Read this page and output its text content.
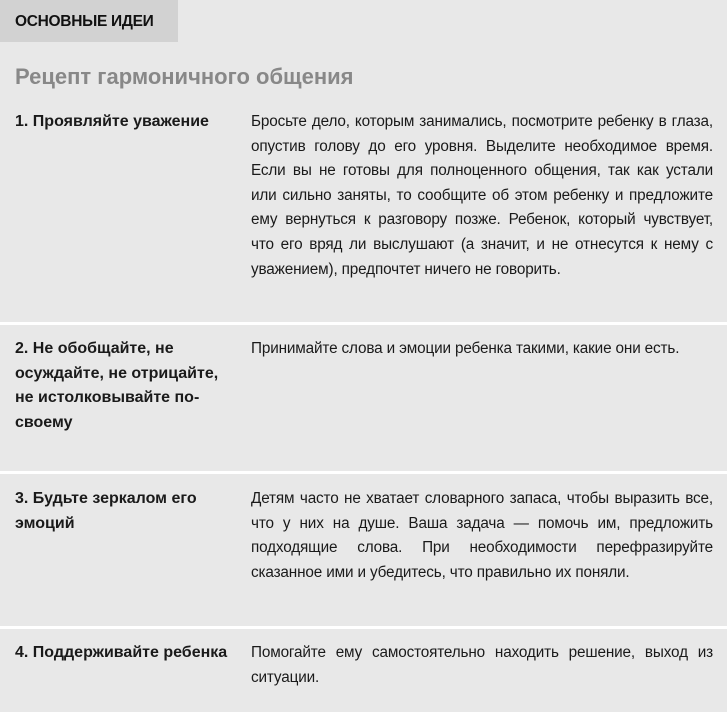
ОСНОВНЫЕ ИДЕИ
Рецепт гармоничного общения

1. Проявляйте уважение	Бросьте дело, которым занимались, посмотрите ребенку в глаза, опустив голову до его уровня. Выделите необходимое время. Если вы не готовы для полноценного общения, так как устали или сильно заняты, то сообщите об этом ребенку и предложите ему вернуться к разговору позже. Ребенок, который чувствует, что его вряд ли выслушают (а значит, и не отнесутся к нему с уважением), предпочтет ничего не говорить.

2. Не обобщайте, не осуждайте, не отрицайте, не истолковывайте по-своему

Принимайте слова и эмоции ребенка такими, какие они есть.

3. Будьте зеркалом его эмоций

Детям часто не хватает словарного запаса, чтобы выразить все, что у них на душе. Ваша задача — помочь им, предложить подходящие слова. При необходимости перефразируйте сказанное ими и убедитесь, что правильно их поняли.

4. Поддерживайте ребенка Помогайте ему самостоятельно находить решение, выход из ситуации.
